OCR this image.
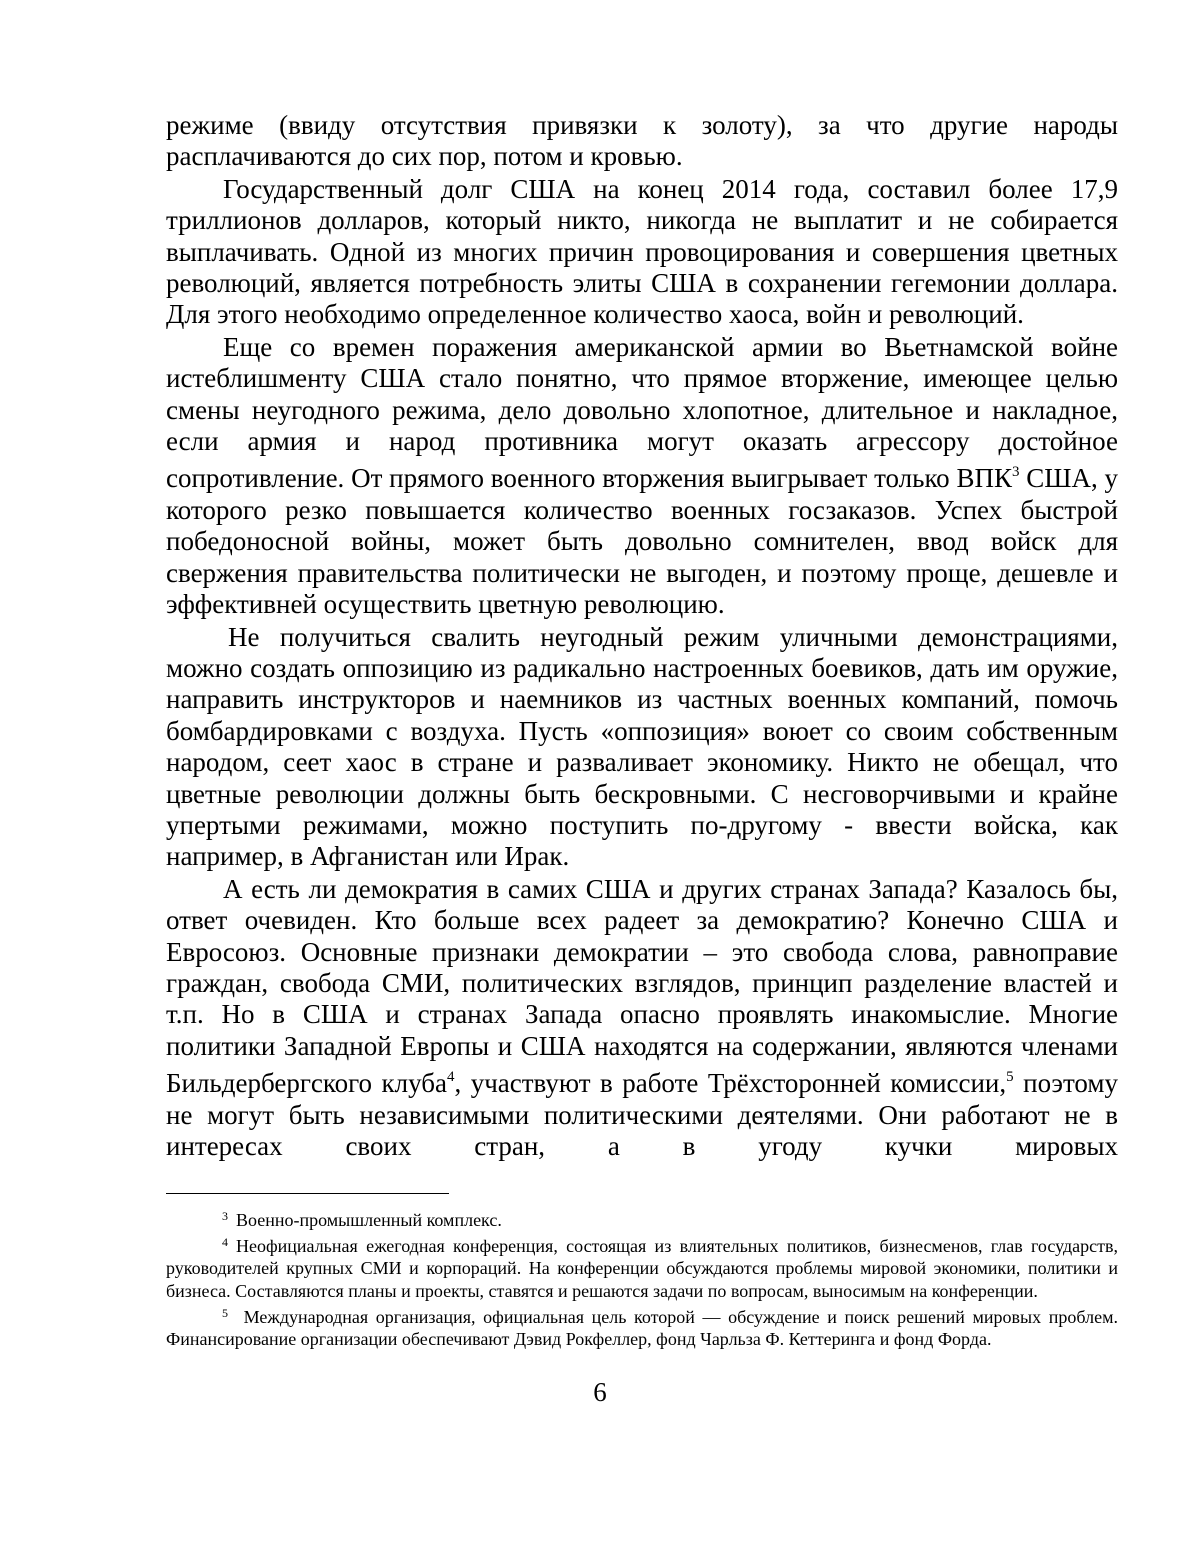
режиме (ввиду отсутствия привязки к золоту), за что другие народы расплачиваются до сих пор, потом и кровью.

Государственный долг США на конец 2014 года, составил более 17,9 триллионов долларов, который никто, никогда не выплатит и не собирается выплачивать. Одной из многих причин провоцирования и совершения цветных революций, является потребность элиты США в сохранении гегемонии доллара. Для этого необходимо определенное количество хаоса, войн и революций.

Еще со времен поражения американской армии во Вьетнамской войне истеблишменту США стало понятно, что прямое вторжение, имеющее целью смены неугодного режима, дело довольно хлопотное, длительное и накладное, если армия и народ противника могут оказать агрессору достойное сопротивление. От прямого военного вторжения выигрывает только ВПК$^3$ США, у которого резко повышается количество военных госзаказов. Успех быстрой победоносной войны, может быть довольно сомнителен, ввод войск для свержения правительства политически не выгоден, и поэтому проще, дешевле и эффективней осуществить цветную революцию.

Не получиться свалить неугодный режим уличными демонстрациями, можно создать оппозицию из радикально настроенных боевиков, дать им оружие, направить инструкторов и наемников из частных военных компаний, помочь бомбардировками с воздуха. Пусть «оппозиция» воюет со своим собственным народом, сеет хаос в стране и разваливает экономику. Никто не обещал, что цветные революции должны быть бескровными. С несговорчивыми и крайне упертыми режимами, можно поступить по-другому - ввести войска, как например, в Афганистан или Ирак.

А есть ли демократия в самих США и других странах Запада? Казалось бы, ответ очевиден. Кто больше всех радеет за демократию? Конечно США и Евросоюз. Основные признаки демократии – это свобода слова, равноправие граждан, свобода СМИ, политических взглядов, принцип разделение властей и т.п. Но в США и странах Запада опасно проявлять инакомыслие. Многие политики Западной Европы и США находятся на содержании, являются членами Бильдербергского клуба$^4$, участвуют в работе Трёхсторонней комиссии,$^5$ поэтому не могут быть независимыми политическими деятелями. Они работают не в интересах своих стран, а в угоду кучки мировых

$^3$ Военно-промышленный комплекс.

$^4$ Неофициальная ежегодная конференция, состоящая из влиятельных политиков, бизнесменов, глав государств, руководителей крупных СМИ и корпораций. На конференции обсуждаются проблемы мировой экономики, политики и бизнеса. Составляются планы и проекты, ставятся и решаются задачи по вопросам, выносимым на конференции.

$^5$ Международная организация, официальная цель которой — обсуждение и поиск решений мировых проблем. Финансирование организации обеспечивают Дэвид Рокфеллер, фонд Чарльза Ф. Кеттеринга и фонд Форда.

6
